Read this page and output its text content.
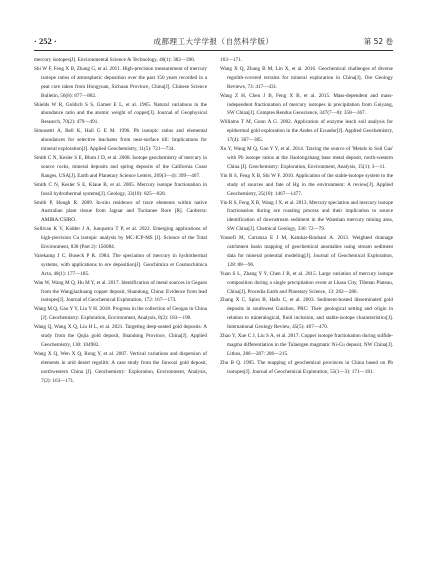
· 252 ·	成都理工大学学报（自然科学版）	第 52 卷

mercury isotopes[J]. Environmental Science & Technology, 46(1): 382—390.

Shi W F, Feng X B, Zhang G, et al. 2011. High-precision measurement of mercury isotope ratios of atmospheric deposition over the past 150 years recorded in a peat core taken from Hongyuan, Sichuan Province, China[J]. Chinese Science Bulletin, 56(8): 877—882.

Shields W R, Goldich S S, Garner E L, et al. 1965. Natural variations in the abundance ratio and the atomic weight of copper[J]. Journal of Geophysical Research, 70(2): 479—491.

Simonetti A, Bell K, Hall G E M. 1996. Pb isotopic ratios and elemental abundances for selective leachates from near-surface till: Implications for mineral exploration[J]. Applied Geochemistry, 11(5): 721—734.

Smith C N, Kesler S E, Blum J D, et al. 2008. Isotope geochemistry of mercury in source rocks, mineral deposits and spring deposits of the California Coast Ranges, USA[J]. Earth and Planetary Science Letters, 269(3—4): 399—407.

Smith C N, Kesler S E, Klaue B, et al. 2005. Mercury isotope fractionation in fossil hydrothermal systems[J]. Geology, 33(10): 825—828.

Smith P, Hough R. 2009. In-situ residence of trace elements within native Australian plant tissue from Jaguar and Tuckanee Bore [R]. Canberra: AMIRA/CSIRO.

Sullivan K V, Kidder J A, Junqueira T P, et al. 2022. Emerging applications of high-precision Cu isotopic analysis by MC-ICP-MS [J]. Science of the Total Environment, 838 (Part 2): 156084.

Varekamp J C, Buseck P R. 1984. The speciation of mercury in hydrothermal systems, with applications to ore deposition[J]. Geochimica et Cosmochimica Acta, 48(1): 177—185.

Wan W, Wang M Q, Hu M Y, et al. 2017. Identification of metal sources in Gegaos from the Wangjiazhuang copper deposit, Shandong, China: Evidence from lead isotopes[J]. Journal of Geochemical Exploration, 172: 167—173.

Wang M Q, Gao Y Y, Liu Y H. 2018. Progress in the collection of Geogas in China [J]. Geochemistry: Exploration, Environment, Analysis, 8(2): 183—190.

Wang Q, Wang X Q, Liu H L, et al. 2021. Targeting deep-seated gold deposits: A study from the Qujia gold deposit, Shandong Province, China[J]. Applied Geochemistry, 130: 104982.

Wang X Q, Wen X Q, Rong Y, et al. 2007. Vertical variations and dispersion of elements in arid desert regolith: A case study from the Jinwozi gold deposit, northwestern China [J]. Geochemistry: Exploration, Environment, Analysis, 7(2): 163—171.

163—171.

Wang X Q, Zhang B M, Lin X, et al. 2016. Geochemical challenges of diverse regolith-covered terrains for mineral exploration in China[J]. Ore Geology Reviews, 73: 417—431.

Wang Z H, Chen J B, Feng X B, et al. 2015. Mass-dependent and mass-independent fractionation of mercury isotopes in precipitation from Guiyang, SW China[J]. Comptes Rendus Geoscience, 347(7—8): 358—367.

Williams T M, Gunn A G. 2002. Application of enzyme leach soil analysis for epithermal gold exploration in the Andes of Ecuador[J]. Applied Geochemistry, 17(4): 367—385.

Xu Y, Wang M Q, Gao Y Y, et al. 2014. Tracing the source of 'Metals in Soil Gas' with Pb isotope ratios at the Jiaolongzhang base metal deposit, north-western China [J]. Geochemistry: Exploration, Environment, Analysis, 15(1): 3—11.

Yin R S, Feng X B, Shi W F. 2010. Application of the stable-isotope system to the study of sources and fate of Hg in the environment: A review[J]. Applied Geochemistry, 25(10): 1467—1477.

Yin R S, Feng X B, Wang J X, et al. 2013. Mercury speciation and mercury isotope fractionation during ore roasting process and their implication to source identification of downstream sediment in the Wanshan mercury mining area, SW China[J]. Chemical Geology, 336: 72—79.

Yousefi M, Carranza E J M, Kamkar-Rouhani A. 2013. Weighted drainage catchment basin mapping of geochemical anomalies using stream sediment data for mineral potential modeling[J]. Journal of Geochemical Exploration, 128: 88—96.

Yuan S L, Zhang Y Y, Chen J B, et al. 2015. Large variation of mercury isotope composition during a single precipitation event at Lhasa City, Tibetan Plateau, China[J]. Procedia Earth and Planetary Science, 13: 282—286.

Zhang X C, Spiro B, Halls C, et al. 2003. Sediment-hosted disseminated gold deposits in southwest Guizhou, PRC: Their geological setting and origin in relation to mineralogical, fluid inclusion, and stable-isotope characteristics[J]. International Geology Review, 45(5): 407—470.

Zhao Y, Xue C J, Liu S A, et al. 2017. Copper isotope fractionation during sulfide-magma differentiation in the Tulaergen magmatic Ni-Cu deposit, NW China[J]. Lithos, 286—287: 206—215.

Zhu B Q. 1995. The mapping of geochemical provinces in China based on Pb isotopes[J]. Journal of Geochemical Exploration, 55(1—3): 171—181.
